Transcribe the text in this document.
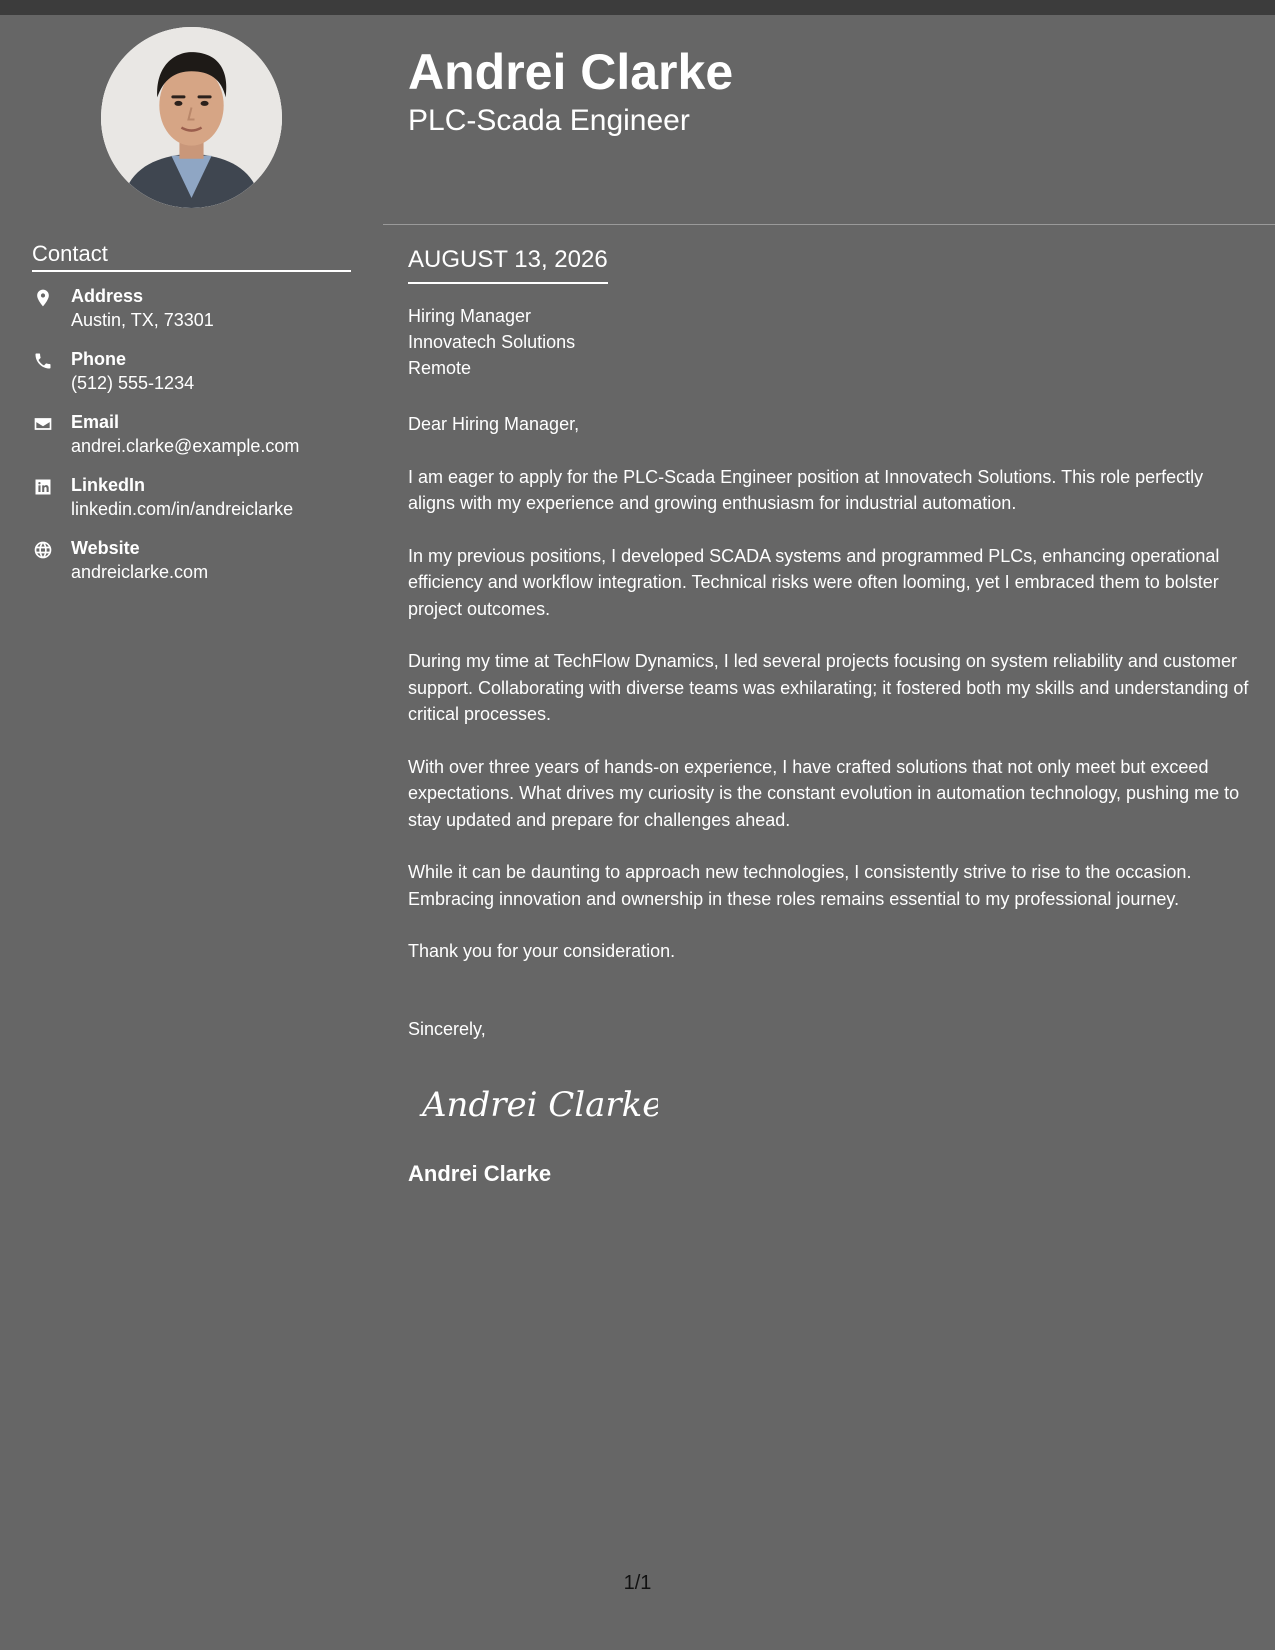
Contact
Address
Austin, TX, 73301
Phone
(512) 555-1234
Email
andrei.clarke@example.com
LinkedIn
linkedin.com/in/andreiclarke
Website
andreiclarke.com
Andrei Clarke
PLC-Scada Engineer
AUGUST 13, 2026
Hiring Manager
Innovatech Solutions
Remote

Dear Hiring Manager,

I am eager to apply for the PLC-Scada Engineer position at Innovatech Solutions. This role perfectly aligns with my experience and growing enthusiasm for industrial automation.

In my previous positions, I developed SCADA systems and programmed PLCs, enhancing operational efficiency and workflow integration. Technical risks were often looming, yet I embraced them to bolster project outcomes.

During my time at TechFlow Dynamics, I led several projects focusing on system reliability and customer support. Collaborating with diverse teams was exhilarating; it fostered both my skills and understanding of critical processes.

With over three years of hands-on experience, I have crafted solutions that not only meet but exceed expectations. What drives my curiosity is the constant evolution in automation technology, pushing me to stay updated and prepare for challenges ahead.

While it can be daunting to approach new technologies, I consistently strive to rise to the occasion. Embracing innovation and ownership in these roles remains essential to my professional journey.

Thank you for your consideration.

Sincerely,
Andrei Clarke
Andrei Clarke
1/1
